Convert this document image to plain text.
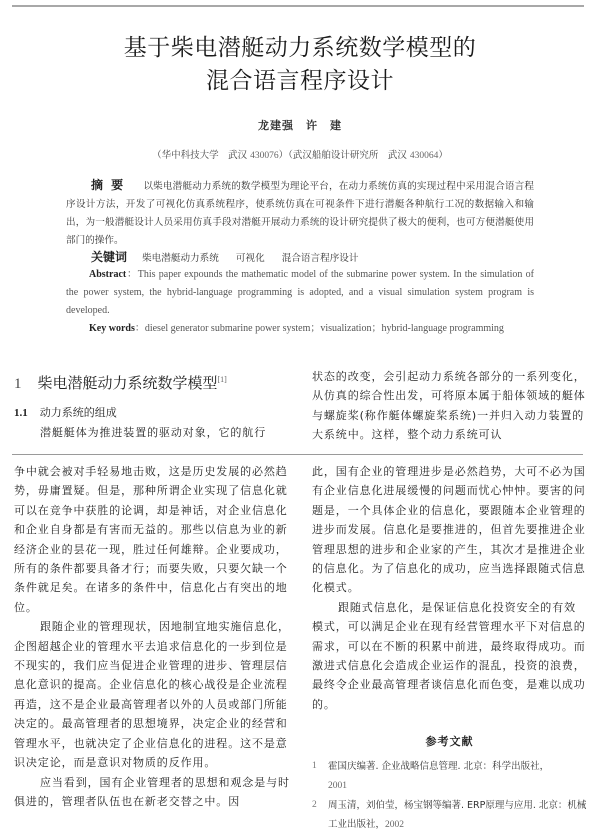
基于柴电潜艇动力系统数学模型的
混合语言程序设计
龙建强　许　建
（华中科技大学　武汉 430076）（武汉船舶设计研究所　武汉 430064）
摘要 以柴电潜艇动力系统的数学模型为理论平台，在动力系统仿真的实现过程中采用混合语言程序设计方法，开发了可视化仿真系统程序，使系统仿真在可视条件下进行潜艇各种航行工况的数据输入和输出，为一般潜艇设计人员采用仿真手段对潜艇开展动力系统的设计研究提供了极大的便利，也可方便潜艇使用部门的操作。
关键词 柴电潜艇动力系统 可视化 混合语言程序设计

Abstract：This paper expounds the mathematic model of the submarine power system. In the simulation of the power system, the hybrid-language programming is adopted, and a visual simulation system program is developed.

Key words：diesel generator submarine power system；visualization；hybrid-language programming

1 柴电潜艇动力系统数学模型[1]
1.1 动力系统的组成

潜艇艇体为推进装置的驱动对象，它的航行

状态的改变，会引起动力系统各部分的一系列变化，从仿真的综合性出发，可将原本属于船体领域的艇体与螺旋桨(称作艇体螺旋桨系统)一并归入动力装置的大系统中。这样，整个动力系统可认

争中就会被对手轻易地击败，这是历史发展的必然趋势，毋庸置疑。但是，那种所谓企业实现了信息化就可以在竞争中获胜的论调，却是神话，对企业信息化和企业自身都是有害而无益的。那些以信息为业的新经济企业的昙花一现，胜过任何雄辩。企业要成功，所有的条件都要具备才行；而要失败，只要欠缺一个条件就足矣。在诸多的条件中，信息化占有突出的地位。

跟随企业的管理现状，因地制宜地实施信息化，企图超越企业的管理水平去追求信息化的一步到位是不现实的，我们应当促进企业管理的进步、管理层信息化意识的提高。企业信息化的核心战役是企业流程再造，这不是企业最高管理者以外的人员或部门所能决定的。最高管理者的思想境界，决定企业的经营和管理水平，也就决定了企业信息化的进程。这不是意识决定论，而是意识对物质的反作用。

应当看到，国有企业管理者的思想和观念是与时俱进的，管理者队伍也在新老交替之中。因

此，国有企业的管理进步是必然趋势，大可不必为国有企业信息化进展缓慢的问题而忧心忡忡。要害的问题是，一个具体企业的信息化，要跟随本企业管理的进步而发展。信息化是要推进的，但首先要推进企业管理思想的进步和企业家的产生，其次才是推进企业的信息化。为了信息化的成功，应当选择跟随式信息化模式。

跟随式信息化，是保证信息化投资安全的有效模式，可以满足企业在现有经营管理水平下对信息的需求，可以在不断的积累中前进，最终取得成功。而激进式信息化会造成企业运作的混乱，投资的浪费，最终令企业最高管理者谈信息化而色变，是难以成功的。

参考文献
1	霍国庆编著. 企业战略信息管理. 北京：科学出版社，
2001
2	周玉清，刘伯莹，杨宝钢等编著. ERP原理与应用. 北京：机械工业出版社，2002
